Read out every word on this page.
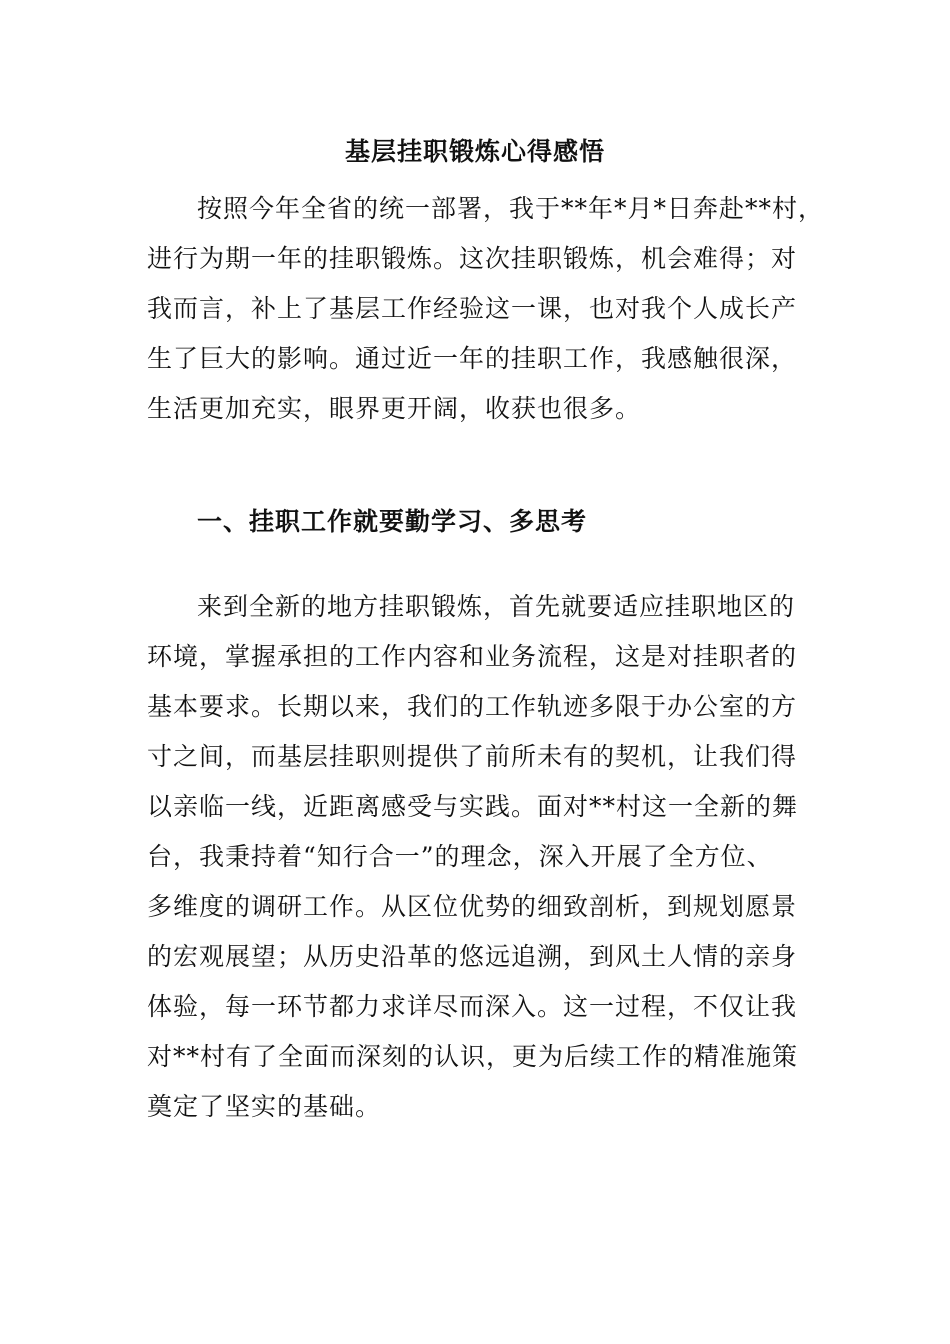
基层挂职锻炼心得感悟
按照今年全省的统一部署，我于**年*月*日奔赴**村，
进行为期一年的挂职锻炼。这次挂职锻炼，机会难得；对
我而言，补上了基层工作经验这一课，也对我个人成长产
生了巨大的影响。通过近一年的挂职工作，我感触很深，
生活更加充实，眼界更开阔，收获也很多。
一、挂职工作就要勤学习、多思考
来到全新的地方挂职锻炼，首先就要适应挂职地区的
环境，掌握承担的工作内容和业务流程，这是对挂职者的
基本要求。长期以来，我们的工作轨迹多限于办公室的方
寸之间，而基层挂职则提供了前所未有的契机，让我们得
以亲临一线，近距离感受与实践。面对**村这一全新的舞
台，我秉持着“知行合一”的理念，深入开展了全方位、
多维度的调研工作。从区位优势的细致剖析，到规划愿景
的宏观展望；从历史沿革的悠远追溯，到风土人情的亲身
体验，每一环节都力求详尽而深入。这一过程，不仅让我
对**村有了全面而深刻的认识，更为后续工作的精准施策
奠定了坚实的基础。
